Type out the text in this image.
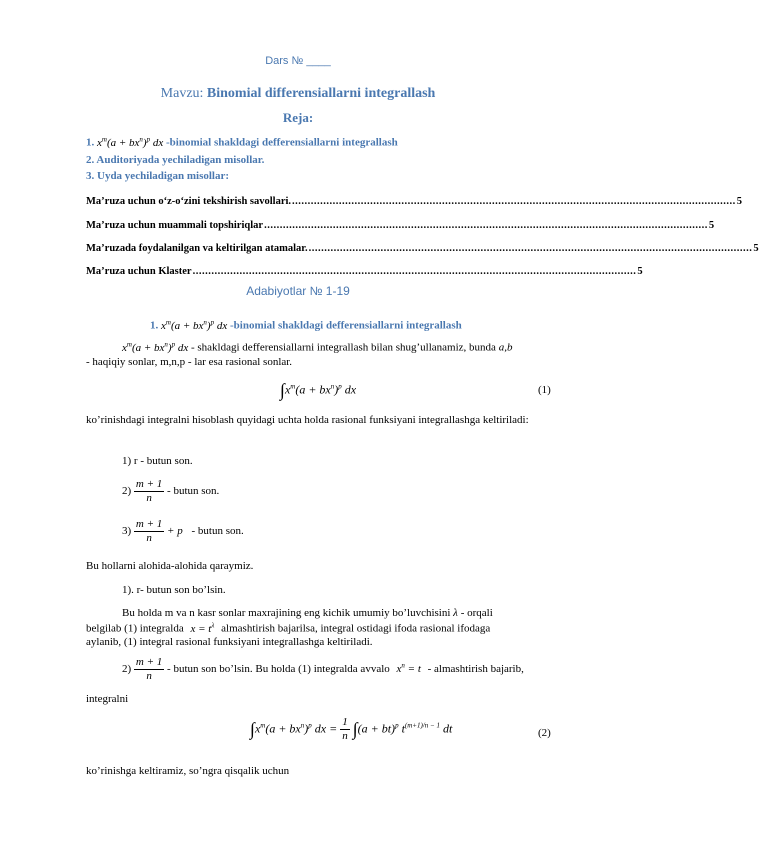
Dars № ____
Mavzu: Binomial differensiallarni integrallash
Reja:
1. $x^m(a + bx^n)^p$ dx -binomial shakldagi defferensiallarni integrallash
2. Auditoriyada yechiladigan misollar.
3. Uyda yechiladigan misollar:
Ma’ruza uchun o‘z-o‘zini tekshirish savollari. .............................................................................................................................................. 5
Ma’ruza uchun muammali topshiriqlar .............................................................................................................................................. 5
Ma’ruzada foydalanilgan va keltirilgan atamalar. .............................................................................................................................................. 5
Ma’ruza uchun Klaster .............................................................................................................................................. 5
Adabiyotlar № 1-19
1. $x^m(a + bx^n)^p$ dx -binomial shakldagi defferensiallarni integrallash
$x^m(a + bx^n)^p$ dx - shakldagi defferensiallarni integrallash bilan shug’ullanamiz, bunda a,b
- haqiqiy sonlar, m,n,p - lar esa rasional sonlar.
$\int x^m(a + bx^n)^p$ dx	(1)
ko’rinishdagi integralni hisoblash quyidagi uchta holda rasional funksiyani integrallashga keltiriladi:
1) r - butun son.
$2) \frac{m + 1}{n}$ - butun son.
$3) \frac{m + 1}{n} + p$ - butun son.
Bu hollarni alohida-alohida qaraymiz.
1). r- butun son bo’lsin.
Bu holda m va n kasr sonlar maxrajining eng kichik umumiy bo’luvchisini λ - orqali
belgilab (1) integralda $x = t^\lambda$ almashtirish bajarilsa, integral ostidagi ifoda rasional ifodaga
aylanib, (1) integral rasional funksiyani integrallashga keltiriladi.
$2) \frac{m + 1}{n}$ - butun son bo’lsin. Bu holda (1) integralda avvalo $x^n = t$ - almashtirish bajarib,
integralni
$\int x^m(a + bx^n)^p$ dx = $\frac{1}{n} \int(a + bt)^p$ $t^{(m+1)/n - 1}$ dt	(2)
ko’rinishga keltiramiz, so’ngra qisqalik uchun
